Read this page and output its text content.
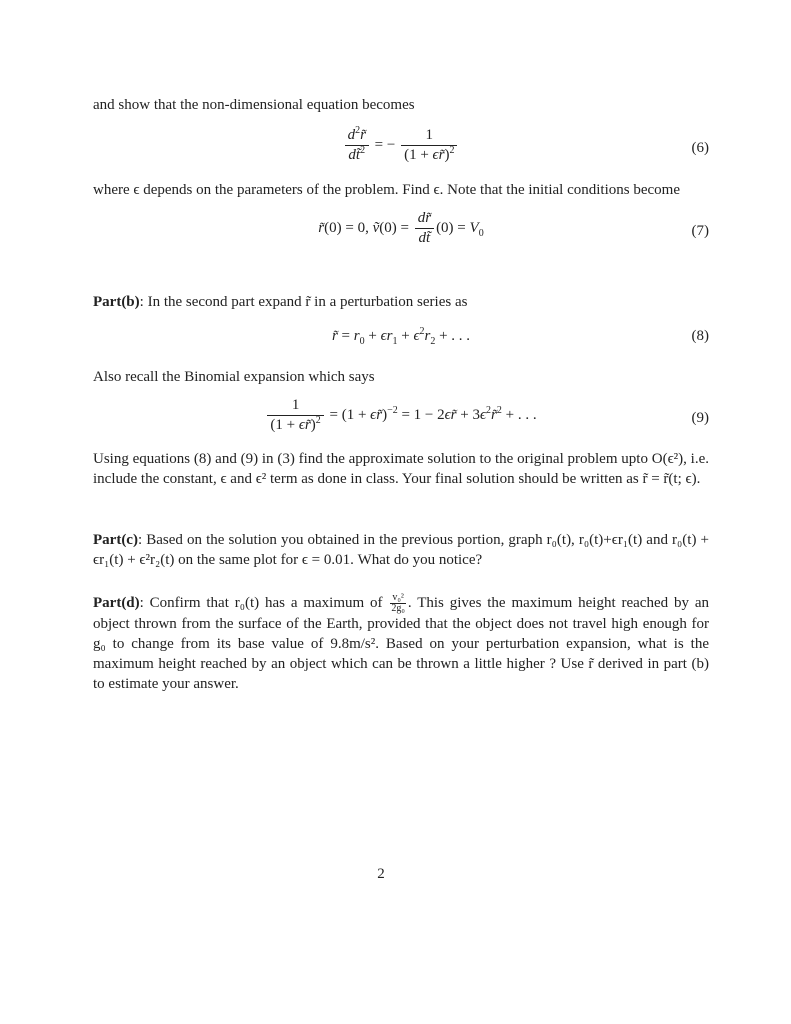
and show that the non-dimensional equation becomes
$\frac{d^2r̃}{dt̃^2}$ = − $\frac{1}{(1 + \epsilon r̃)^2}$	(6)
where ϵ depends on the parameters of the problem. Find ϵ. Note that the initial conditions become
r̃(0) = 0, ṽ(0) = $\frac{dr̃}{dt̃} (0) = V_0$	(7)
Part(b): In the second part expand r̃ in a perturbation series as
r̃ = $r_0 + \epsilon r_1 + \epsilon^2r_2$ + . . .	(8)
Also recall the Binomial expansion which says
$\frac{1}{(1 + \epsilon r̃)^2} = (1$ + ϵr̃)$^{-2}$ = 1 − 2ϵr̃ + $3\epsilon^2r̃^2$ + . . .	(9)
Using equations (8) and (9) in (3) find the approximate solution to the original problem upto O(ϵ²), i.e. include the constant, ϵ and ϵ² term as done in class. Your final solution should be written as r̃ = r̃(t; ϵ).
Part(c): Based on the solution you obtained in the previous portion, graph r₀(t), r₀(t)+ϵr₁(t) and r₀(t) + ϵr₁(t) + ϵ²r₂(t) on the same plot for ϵ = 0.01. What do you notice?
Part(d): Confirm that r₀(t) has a maximum of $\frac{\text{v₀²}}{\text{2g₀}}$ . This gives the maximum height reached by an object thrown from the surface of the Earth, provided that the object does not travel high enough for g₀ to change from its base value of 9.8m/s². Based on your perturbation expansion, what is the maximum height reached by an object which can be thrown a little higher ? Use r̃ derived in part (b) to estimate your answer.
2
